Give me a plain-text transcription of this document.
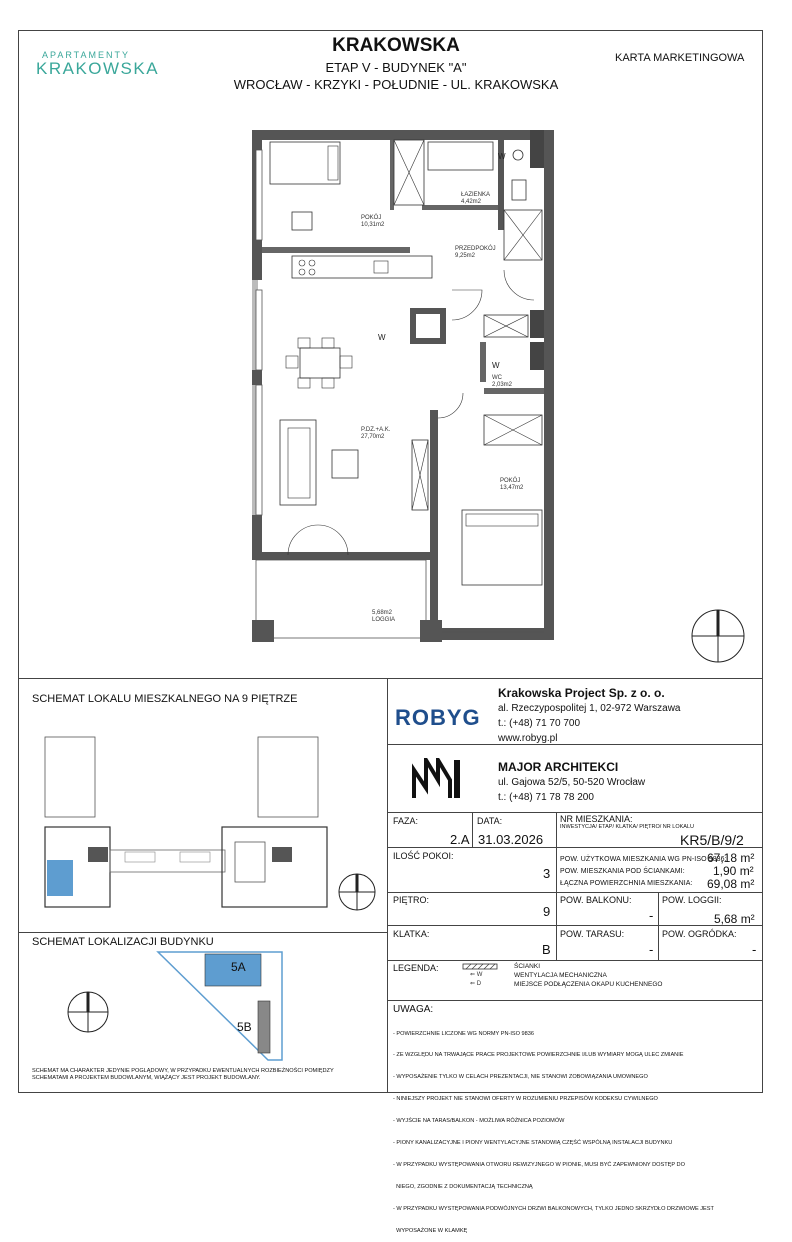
APARTAMENTY
KRAKOWSKA
KRAKOWSKA
ETAP V - BUDYNEK "A"
WROCŁAW - KRZYKI - POŁUDNIE - UL. KRAKOWSKA
KARTA MARKETINGOWA
W
W
W
POKÓJ
10,31m2
ŁAZIENKA
4,42m2
PRZEDPOKÓJ
9,25m2
P.DZ.+A.K.
27,70m2
WC
2,03m2
POKÓJ
13,47m2
5,68m2
LOGGIA
SCHEMAT LOKALU MIESZKALNEGO NA 9 PIĘTRZE
SCHEMAT LOKALIZACJI BUDYNKU
5A
5B
SCHEMAT MA CHARAKTER JEDYNIE POGLĄDOWY, W PRZYPADKU EWENTUALNYCH ROZBIEŻNOŚCI POMIĘDZY SCHEMATAMI A PROJEKTEM BUDOWLANYM, WIĄŻĄCY JEST PROJEKT BUDOWLANY.
ROBYG
Krakowska Project Sp. z o. o.
al. Rzeczypospolitej 1, 02-972 Warszawa
t.: (+48) 71 70 700
www.robyg.pl
MAJOR ARCHITEKCI
ul. Gajowa 52/5, 50-520 Wrocław
t.: (+48) 71 78 78 200
FAZA:
2.A
DATA:
31.03.2026
NR MIESZKANIA:
INWESTYCJA/ ETAP/ KLATKA/ PIĘTRO/ NR LOKALU
KR5/B/9/2
ILOŚĆ POKOI:
3
POW. UŻYTKOWA MIESZKANIA WG PN-ISO 9836:
67,18 m²
POW. MIESZKANIA POD ŚCIANKAMI: 1,90 m²
ŁĄCZNA POWIERZCHNIA MIESZKANIA: 69,08 m²
PIĘTRO:
9
POW. BALKONU:
-
POW. LOGGII:
5,68 m²
KLATKA:
B
POW. TARASU:
-
POW. OGRÓDKA:
-
LEGENDA:
⇐ W
⇐ D
ŚCIANKI
WENTYLACJA MECHANICZNA
MIEJSCE PODŁĄCZENIA OKAPU KUCHENNEGO
UWAGA:

- POWIERZCHNIE LICZONE WG NORMY PN-ISO 9836

- ZE WZGLĘDU NA TRWAJĄCE PRACE PROJEKTOWE POWIERZCHNIE I/LUB WYMIARY MOGĄ ULEC ZMIANIE

- WYPOSAŻENIE TYLKO W CELACH PREZENTACJI, NIE STANOWI ZOBOWIĄZANIA UMOWNEGO

- NINIEJSZY PROJEKT NIE STANOWI OFERTY W ROZUMIENIU PRZEPISÓW KODEKSU CYWILNEGO

- WYJŚCIE NA TARAS/BALKON - MOŻLIWA RÓŻNICA POZIOMÓW

- PIONY KANALIZACYJNE I PIONY WENTYLACYJNE STANOWIĄ CZĘŚĆ WSPÓLNĄ INSTALACJI BUDYNKU

- W PRZYPADKU WYSTĘPOWANIA OTWORU REWIZYJNEGO W PIONIE, MUSI BYĆ ZAPEWNIONY DOSTĘP DO

NIEGO, ZGODNIE Z DOKUMENTACJĄ TECHNICZNĄ

- W PRZYPADKU WYSTĘPOWANIA PODWÓJNYCH DRZWI BALKONOWYCH, TYLKO JEDNO SKRZYDŁO DRZWIOWE JEST

WYPOSAŻONE W KLAMKĘ
